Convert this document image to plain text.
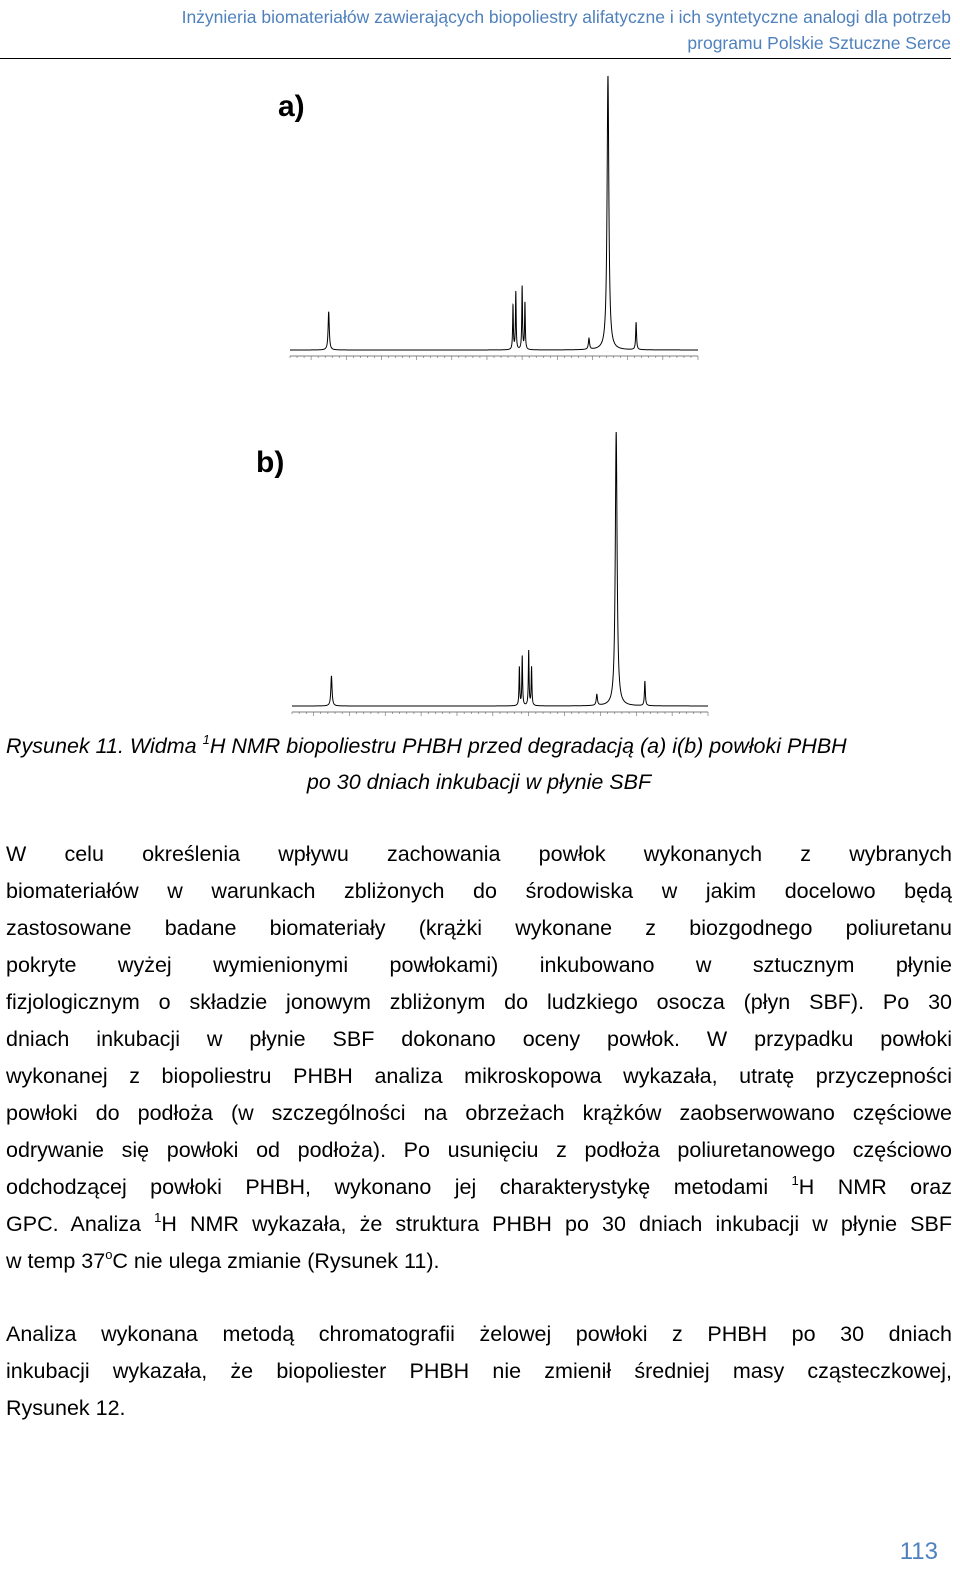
Inżynieria biomateriałów zawierających biopoliestry alifatyczne i ich syntetyczne analogi dla potrzeb
programu Polskie Sztuczne Serce
a)
b)
Rysunek 11. Widma $^1$H NMR biopoliestru PHBH przed degradacją (a) i(b) powłoki PHBH
po 30 dniach inkubacji w płynie SBF
W celu określenia wpływu zachowania powłok wykonanych z wybranych
biomateriałów w warunkach zbliżonych do środowiska w jakim docelowo będą
zastosowane badane biomateriały (krążki wykonane z biozgodnego poliuretanu
pokryte wyżej wymienionymi powłokami) inkubowano w sztucznym płynie
fizjologicznym o składzie jonowym zbliżonym do ludzkiego osocza (płyn SBF). Po 30
dniach inkubacji w płynie SBF dokonano oceny powłok. W przypadku powłoki
wykonanej z biopoliestru PHBH analiza mikroskopowa wykazała, utratę przyczepności
powłoki do podłoża (w szczególności na obrzeżach krążków zaobserwowano częściowe
odrywanie się powłoki od podłoża). Po usunięciu z podłoża poliuretanowego częściowo
odchodzącej powłoki PHBH, wykonano jej charakterystykę metodami $^1$H NMR oraz
GPC. Analiza $^1$H NMR wykazała, że struktura PHBH po 30 dniach inkubacji w płynie SBF
w temp 37$^o$C nie ulega zmianie (Rysunek 11).
Analiza wykonana metodą chromatografii żelowej powłoki z PHBH po 30 dniach
inkubacji wykazała, że biopoliester PHBH nie zmienił średniej masy cząsteczkowej,
Rysunek 12.
113
